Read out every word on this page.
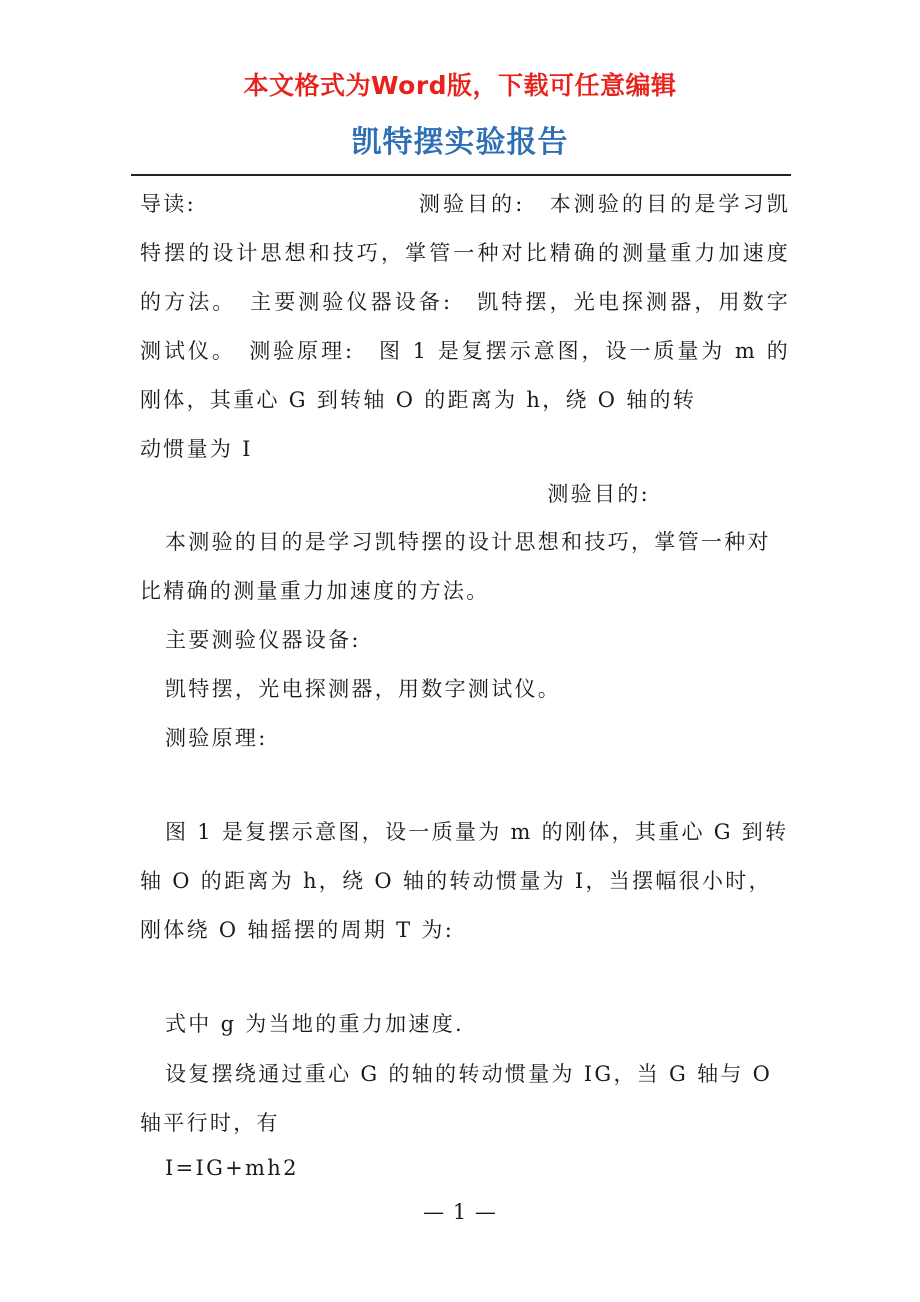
本文格式为Word版，下载可任意编辑
凯特摆实验报告

导读:	测验目的:　本测验的目的是学习凯特摆的设计思想和技巧，掌管一种对比精确的测量重力加速度的方法。　主要测验仪器设备:　凯特摆，光电探测器，用数字测试仪。　测验原理:　图 1 是复摆示意图，设一质量为 m 的刚体，其重心 G 到转轴 O 的距离为 h，绕 O 轴的转

动惯量为 I

测验目的:

本测验的目的是学习凯特摆的设计思想和技巧，掌管一种对比精确的测量重力加速度的方法。

主要测验仪器设备:

凯特摆，光电探测器，用数字测试仪。

测验原理:

图 1 是复摆示意图，设一质量为 m 的刚体，其重心 G 到转轴 O 的距离为 h，绕 O 轴的转动惯量为 I，当摆幅很小时，刚体绕 O 轴摇摆的周期 T 为:

式中 g 为当地的重力加速度.

设复摆绕通过重心 G 的轴的转动惯量为 IG，当 G 轴与 O 轴平行时，有

I=IG+mh2

— 1 —
